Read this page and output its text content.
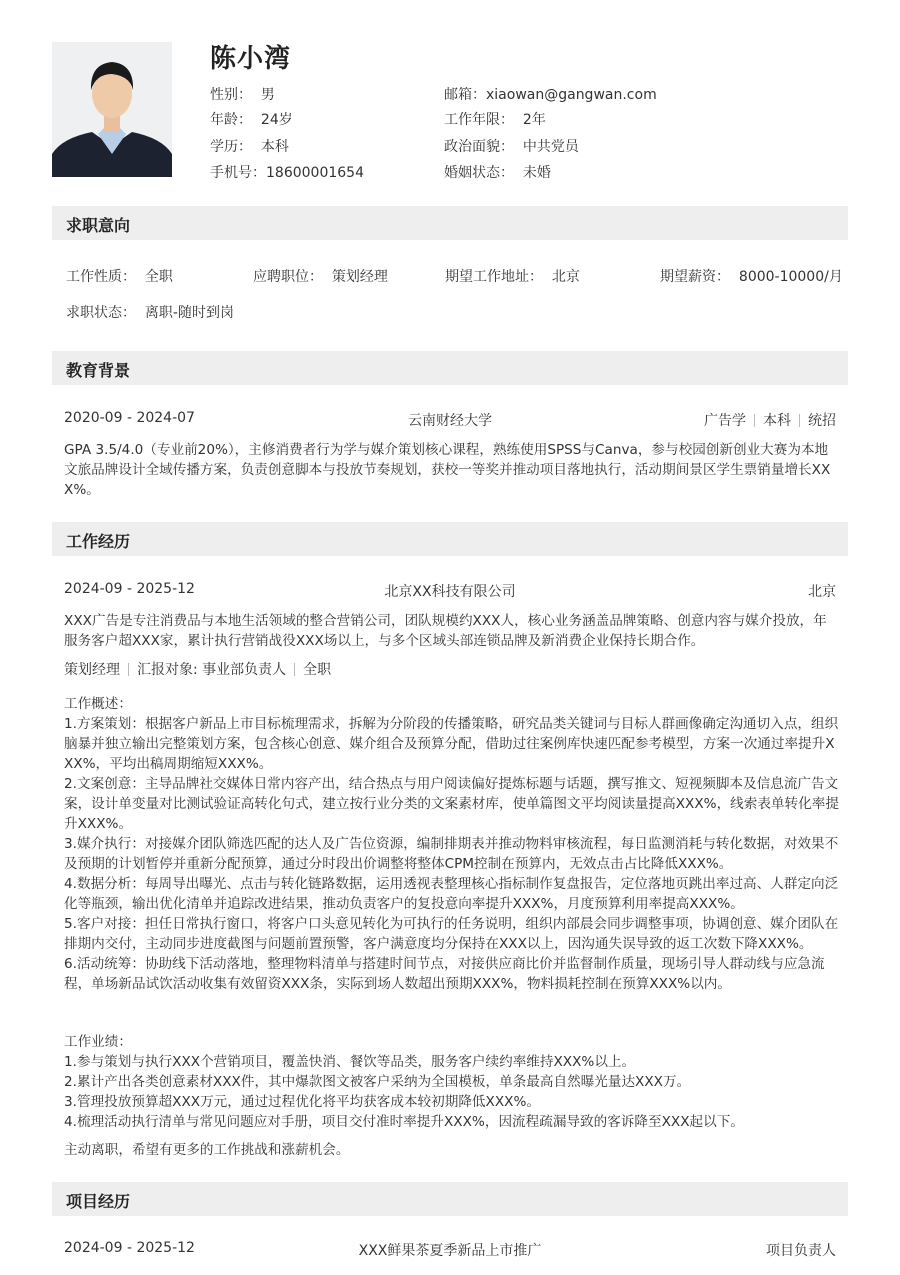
陈小湾
性别： 男	邮箱：xiaowan@gangwan.com
年龄： 24岁	工作年限： 2年
学历： 本科	政治面貌： 中共党员
手机号：18600001654	婚姻状态： 未婚
求职意向
工作性质： 全职	应聘职位： 策划经理	期望工作地址： 北京	期望薪资： 8000-10000/月
求职状态： 离职-随时到岗
教育背景
2020-09 - 2024-07	云南财经大学	广告学 本科 统招

GPA 3.5/4.0（专业前20%），主修消费者行为学与媒介策划核心课程，熟练使用SPSS与Canva，参与校园创新创业大赛为本地文旅品牌设计全域传播方案，负责创意脚本与投放节奏规划，获校一等奖并推动项目落地执行，活动期间景区学生票销量增长XXX%。

工作经历
2024-09 - 2025-12	北京XX科技有限公司	北京

XXX广告是专注消费品与本地生活领域的整合营销公司，团队规模约XXX人，核心业务涵盖品牌策略、创意内容与媒介投放，年服务客户超XXX家，累计执行营销战役XXX场以上，与多个区域头部连锁品牌及新消费企业保持长期合作。

策划经理 汇报对象: 事业部负责人 全职

工作概述：

1.方案策划：根据客户新品上市目标梳理需求，拆解为分阶段的传播策略，研究品类关键词与目标人群画像确定沟通切入点，组织脑暴并独立输出完整策划方案，包含核心创意、媒介组合及预算分配，借助过往案例库快速匹配参考模型，方案一次通过率提升XXX%，平均出稿周期缩短XXX%。

2.文案创意：主导品牌社交媒体日常内容产出，结合热点与用户阅读偏好提炼标题与话题，撰写推文、短视频脚本及信息流广告文案，设计单变量对比测试验证高转化句式，建立按行业分类的文案素材库，使单篇图文平均阅读量提高XXX%，线索表单转化率提升XXX%。

3.媒介执行：对接媒介团队筛选匹配的达人及广告位资源，编制排期表并推动物料审核流程，每日监测消耗与转化数据，对效果不及预期的计划暂停并重新分配预算，通过分时段出价调整将整体CPM控制在预算内，无效点击占比降低XXX%。

4.数据分析：每周导出曝光、点击与转化链路数据，运用透视表整理核心指标制作复盘报告，定位落地页跳出率过高、人群定向泛化等瓶颈，输出优化清单并追踪改进结果，推动负责客户的复投意向率提升XXX%，月度预算利用率提高XXX%。

5.客户对接：担任日常执行窗口，将客户口头意见转化为可执行的任务说明，组织内部晨会同步调整事项，协调创意、媒介团队在排期内交付，主动同步进度截图与问题前置预警，客户满意度均分保持在XXX以上，因沟通失误导致的返工次数下降XXX%。

6.活动统筹：协助线下活动落地，整理物料清单与搭建时间节点，对接供应商比价并监督制作质量，现场引导人群动线与应急流程，单场新品试饮活动收集有效留资XXX条，实际到场人数超出预期XXX%，物料损耗控制在预算XXX%以内。

工作业绩：

1.参与策划与执行XXX个营销项目，覆盖快消、餐饮等品类，服务客户续约率维持XXX%以上。

2.累计产出各类创意素材XXX件，其中爆款图文被客户采纳为全国模板，单条最高自然曝光量达XXX万。

3.管理投放预算超XXX万元，通过过程优化将平均获客成本较初期降低XXX%。

4.梳理活动执行清单与常见问题应对手册，项目交付准时率提升XXX%，因流程疏漏导致的客诉降至XXX起以下。

主动离职，希望有更多的工作挑战和涨薪机会。

项目经历
2024-09 - 2025-12	XXX鲜果茶夏季新品上市推广	项目负责人
